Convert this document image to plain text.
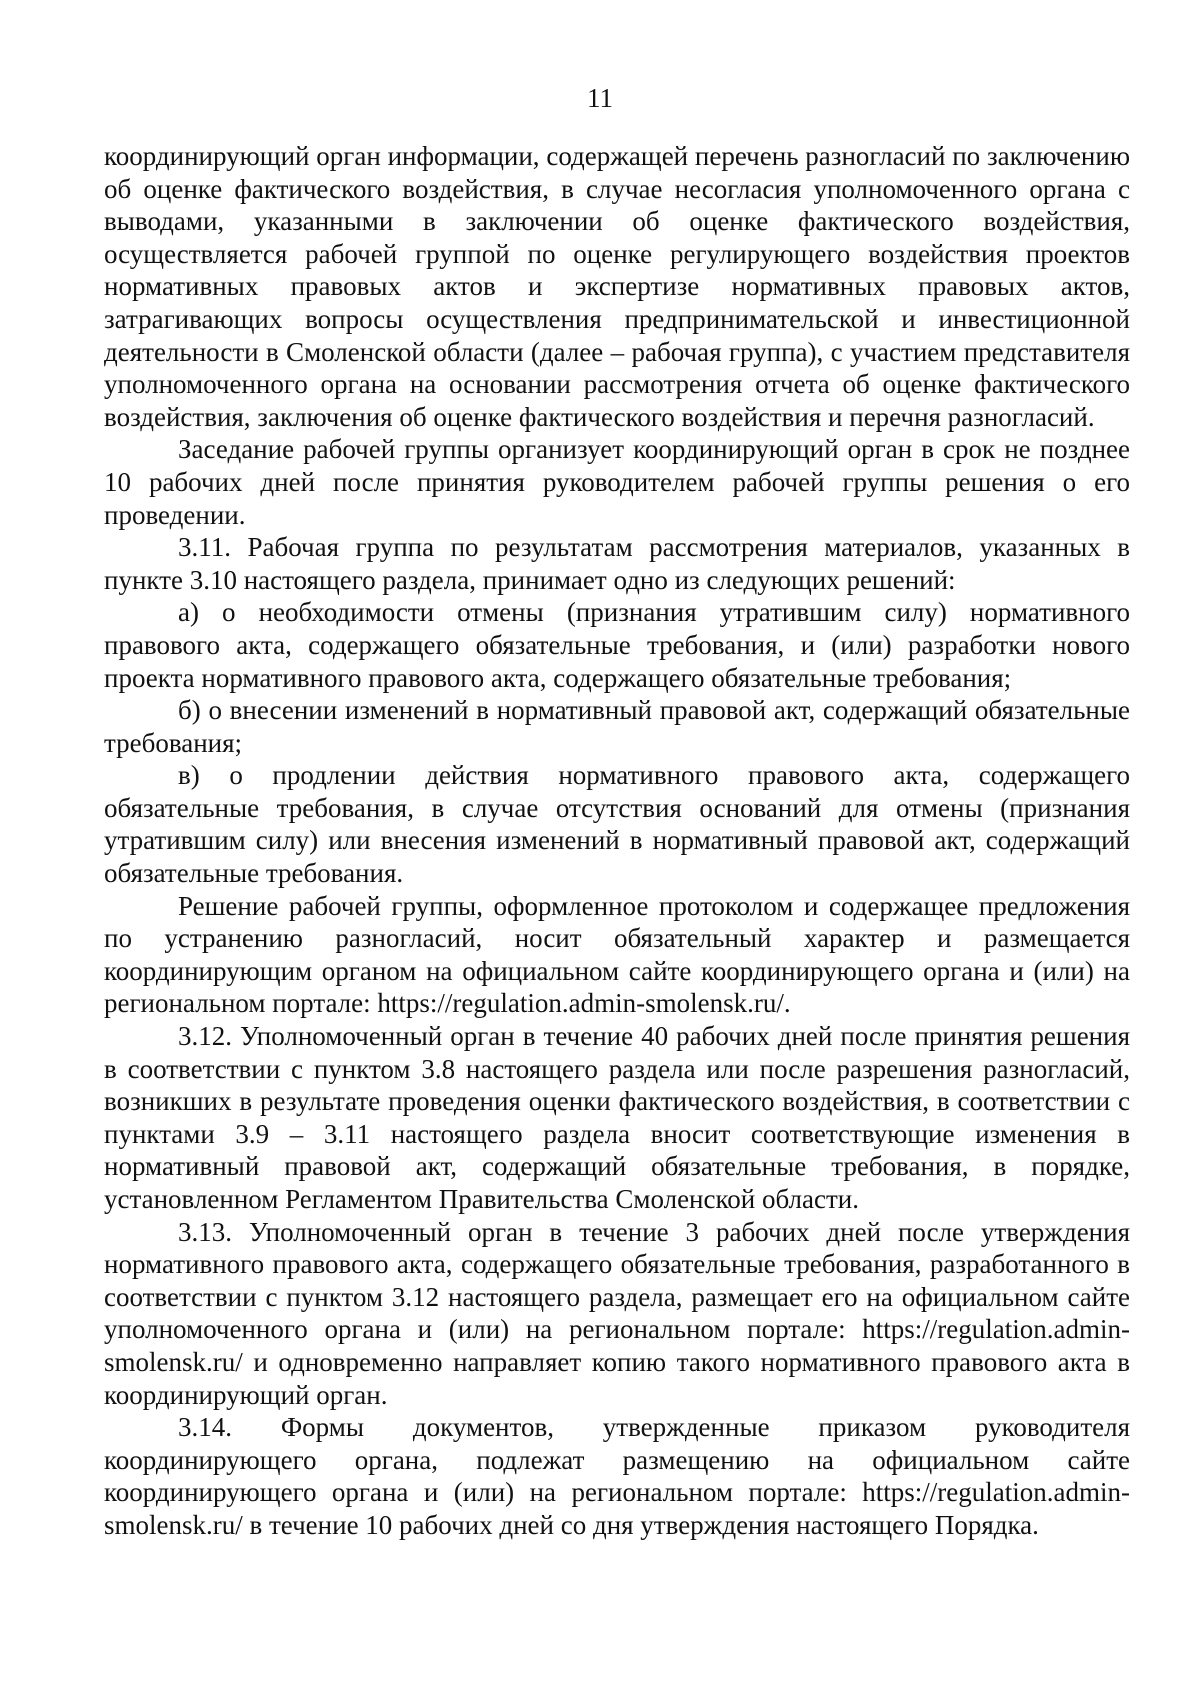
11

координирующий орган информации, содержащей перечень разногласий по заключению об оценке фактического воздействия, в случае несогласия уполномоченного органа с выводами, указанными в заключении об оценке фактического воздействия, осуществляется рабочей группой по оценке регулирующего воздействия проектов нормативных правовых актов и экспертизе нормативных правовых актов, затрагивающих вопросы осуществления предпринимательской и инвестиционной деятельности в Смоленской области (далее – рабочая группа), с участием представителя уполномоченного органа на основании рассмотрения отчета об оценке фактического воздействия, заключения об оценке фактического воздействия и перечня разногласий.

Заседание рабочей группы организует координирующий орган в срок не позднее 10 рабочих дней после принятия руководителем рабочей группы решения о его проведении.

3.11. Рабочая группа по результатам рассмотрения материалов, указанных в пункте 3.10 настоящего раздела, принимает одно из следующих решений:

а) о необходимости отмены (признания утратившим силу) нормативного правового акта, содержащего обязательные требования, и (или) разработки нового проекта нормативного правового акта, содержащего обязательные требования;

б) о внесении изменений в нормативный правовой акт, содержащий обязательные требования;

в) о продлении действия нормативного правового акта, содержащего обязательные требования, в случае отсутствия оснований для отмены (признания утратившим силу) или внесения изменений в нормативный правовой акт, содержащий обязательные требования.

Решение рабочей группы, оформленное протоколом и содержащее предложения по устранению разногласий, носит обязательный характер и размещается координирующим органом на официальном сайте координирующего органа и (или) на региональном портале: https://regulation.admin-smolensk.ru/.

3.12. Уполномоченный орган в течение 40 рабочих дней после принятия решения в соответствии с пунктом 3.8 настоящего раздела или после разрешения разногласий, возникших в результате проведения оценки фактического воздействия, в соответствии с пунктами 3.9 – 3.11 настоящего раздела вносит соответствующие изменения в нормативный правовой акт, содержащий обязательные требования, в порядке, установленном Регламентом Правительства Смоленской области.

3.13. Уполномоченный орган в течение 3 рабочих дней после утверждения нормативного правового акта, содержащего обязательные требования, разработанного в соответствии с пунктом 3.12 настоящего раздела, размещает его на официальном сайте уполномоченного органа и (или) на региональном портале: https://regulation.admin-smolensk.ru/ и одновременно направляет копию такого нормативного правового акта в координирующий орган.

3.14. Формы документов, утвержденные приказом руководителя координирующего органа, подлежат размещению на официальном сайте координирующего органа и (или) на региональном портале: https://regulation.admin-smolensk.ru/ в течение 10 рабочих дней со дня утверждения настоящего Порядка.
